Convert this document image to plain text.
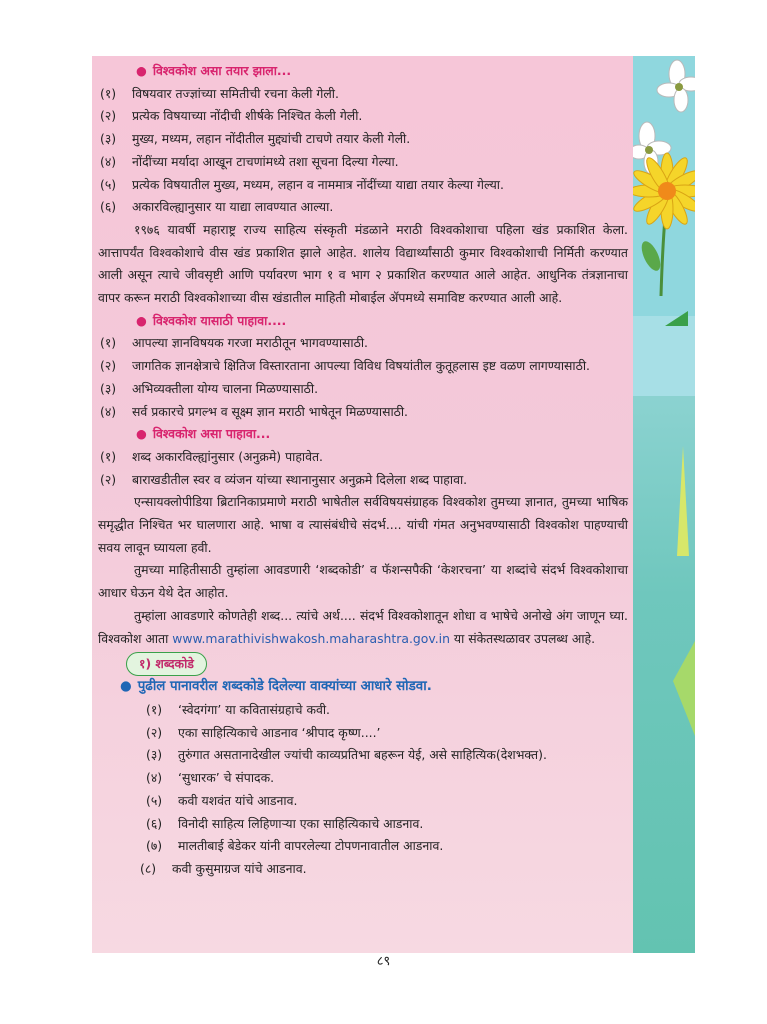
● विश्वकोश असा तयार झाला...
(१) विषयवार तज्ज्ञांच्या समितीची रचना केली गेली.
(२) प्रत्येक विषयाच्या नोंदीची शीर्षके निश्चित केली गेली.
(३) मुख्य, मध्यम, लहान नोंदीतील मुद्द्यांची टाचणे तयार केली गेली.
(४) नोंदींच्या मर्यादा आखून टाचणांमध्ये तशा सूचना दिल्या गेल्या.
(५) प्रत्येक विषयातील मुख्य, मध्यम, लहान व नाममात्र नोंदींच्या याद्या तयार केल्या गेल्या.
(६) अकारविल्ह्यानुसार या याद्या लावण्यात आल्या.
१९७६ यावर्षी महाराष्ट्र राज्य साहित्य संस्कृती मंडळाने मराठी विश्वकोशाचा पहिला खंड प्रकाशित केला. आत्तापर्यंत विश्वकोशाचे वीस खंड प्रकाशित झाले आहेत. शालेय विद्यार्थ्यांसाठी कुमार विश्वकोशाची निर्मिती करण्यात आली असून त्याचे जीवसृष्टी आणि पर्यावरण भाग १ व भाग २ प्रकाशित करण्यात आले आहेत. आधुनिक तंत्रज्ञानाचा वापर करून मराठी विश्वकोशाच्या वीस खंडातील माहिती मोबाईल ॲपमध्ये समाविष्ट करण्यात आली आहे.
● विश्वकोश यासाठी पाहावा....
(१) आपल्या ज्ञानविषयक गरजा मराठीतून भागवण्यासाठी.
(२) जागतिक ज्ञानक्षेत्राचे क्षितिज विस्तारताना आपल्या विविध विषयांतील कुतूहलास इष्ट वळण लागण्यासाठी.
(३) अभिव्यक्तीला योग्य चालना मिळण्यासाठी.
(४) सर्व प्रकारचे प्रगल्भ व सूक्ष्म ज्ञान मराठी भाषेतून मिळण्यासाठी.
● विश्वकोश असा पाहावा...
(१) शब्द अकारविल्ह्यांनुसार (अनुक्रमे) पाहावेत.
(२) बाराखडीतील स्वर व व्यंजन यांच्या स्थानानुसार अनुक्रमे दिलेला शब्द पाहावा.
एन्सायक्लोपीडिया ब्रिटानिकाप्रमाणे मराठी भाषेतील सर्वविषयसंग्राहक विश्वकोश तुमच्या ज्ञानात, तुमच्या भाषिक समृद्धीत निश्चित भर घालणारा आहे. भाषा व त्यासंबंधीचे संदर्भ.... यांची गंमत अनुभवण्यासाठी विश्वकोश पाहण्याची सवय लावून घ्यायला हवी.
तुमच्या माहितीसाठी तुम्हांला आवडणारी ‘शब्दकोडी’ व फॅशन्सपैकी ‘केशरचना’ या शब्दांचे संदर्भ विश्वकोशाचा आधार घेऊन येथे देत आहोत.
तुम्हांला आवडणारे कोणतेही शब्द... त्यांचे अर्थ.... संदर्भ विश्वकोशातून शोधा व भाषेचे अनोखे अंग जाणून घ्या. विश्वकोश आता www.marathivishwakosh.maharashtra.gov.in या संकेतस्थळावर उपलब्ध आहे.
१) शब्दकोडे
● पुढील पानावरील शब्दकोडे दिलेल्या वाक्यांच्या आधारे सोडवा.
(१) ‘स्वेदगंगा’ या कवितासंग्रहाचे कवी.
(२) एका साहित्यिकाचे आडनाव ‘श्रीपाद कृष्ण....’
(३) तुरुंगात असतानादेखील ज्यांची काव्यप्रतिभा बहरून येई, असे साहित्यिक(देशभक्त).
(४) ‘सुधारक’ चे संपादक.
(५) कवी यशवंत यांचे आडनाव.
(६) विनोदी साहित्य लिहिणाऱ्या एका साहित्यिकाचे आडनाव.
(७) मालतीबाई बेडेकर यांनी वापरलेल्या टोपणनावातील आडनाव.
(८) कवी कुसुमाग्रज यांचे आडनाव.
८९
